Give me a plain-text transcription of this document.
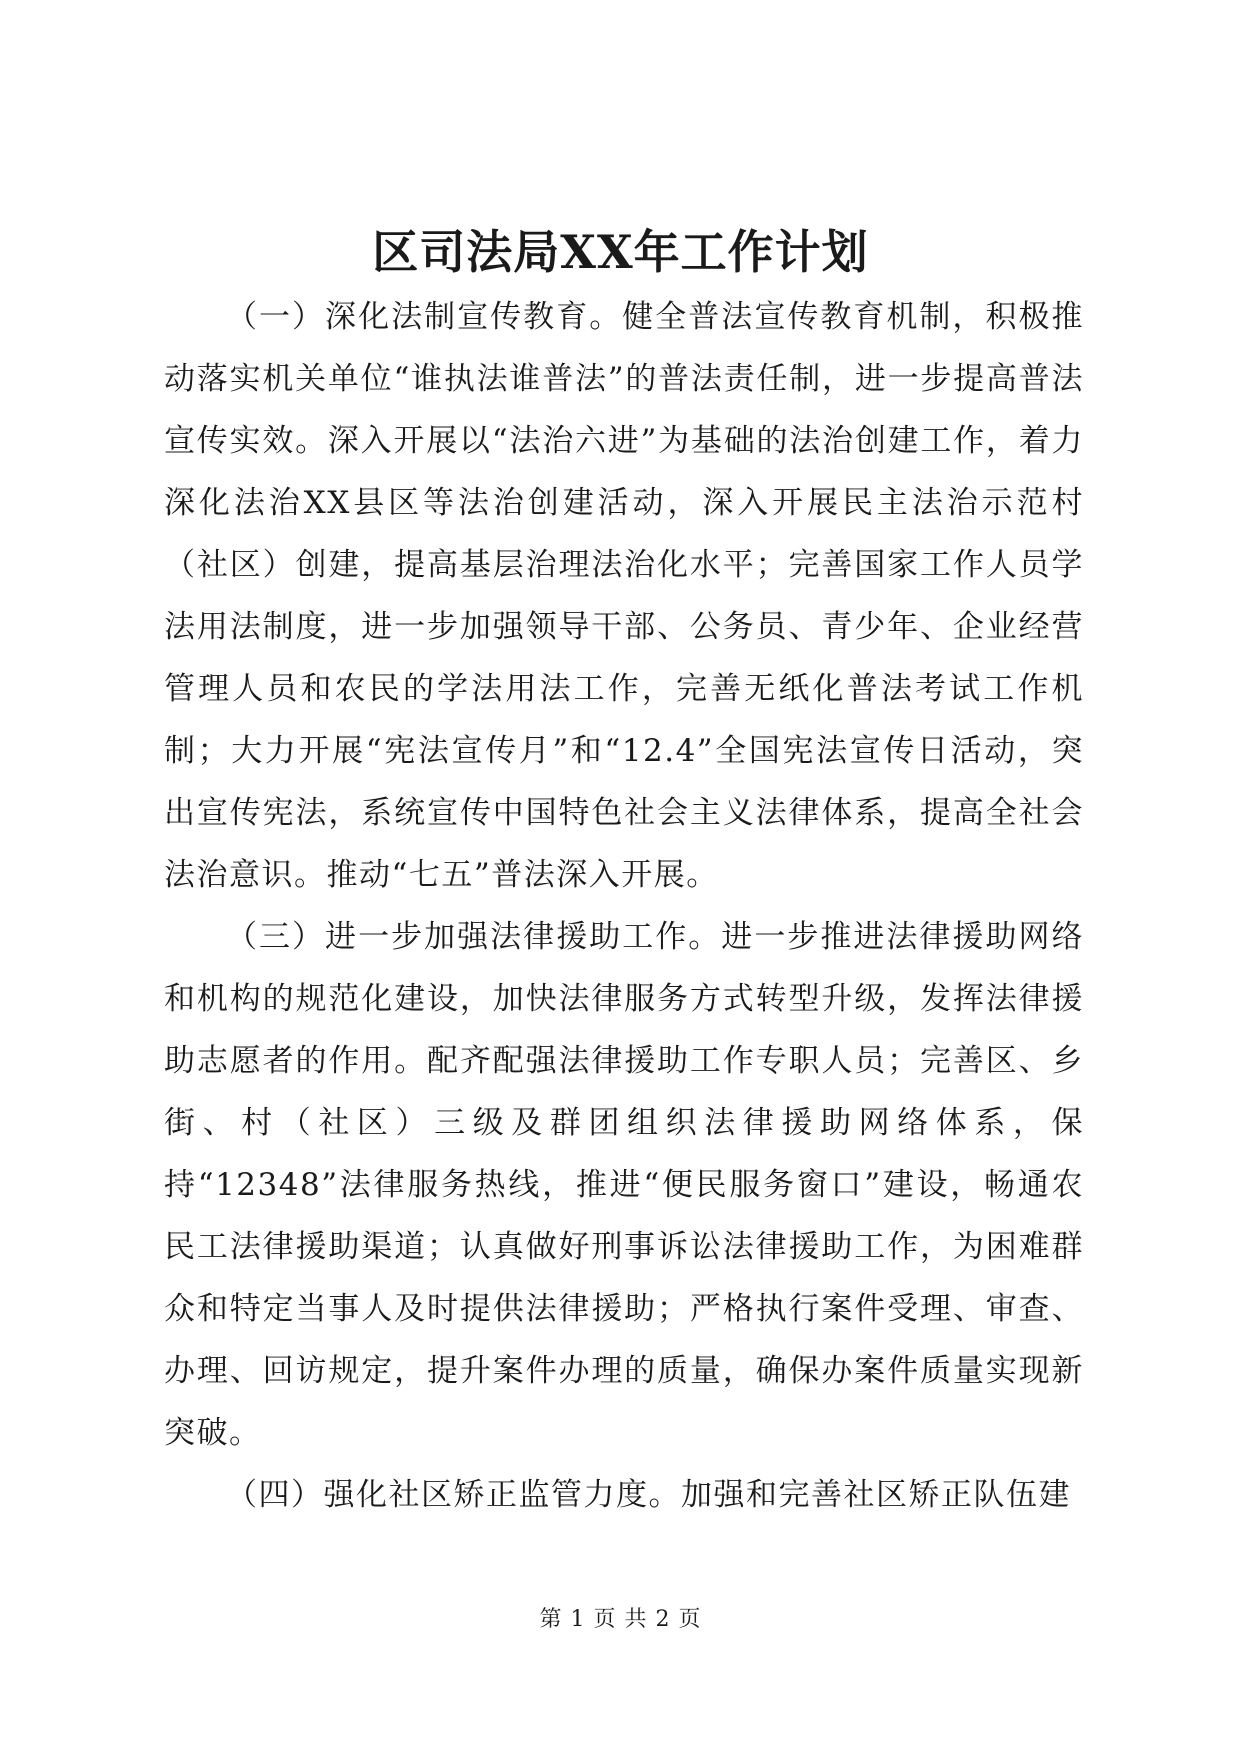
区司法局XX年工作计划

（一）深化法制宣传教育。健全普法宣传教育机制，积极推动落实机关单位“谁执法谁普法”的普法责任制，进一步提高普法宣传实效。深入开展以“法治六进”为基础的法治创建工作，着力深化法治XX县区等法治创建活动，深入开展民主法治示范村（社区）创建，提高基层治理法治化水平；完善国家工作人员学法用法制度，进一步加强领导干部、公务员、青少年、企业经营管理人员和农民的学法用法工作，完善无纸化普法考试工作机制；大力开展“宪法宣传月”和“12.4”全国宪法宣传日活动，突出宣传宪法，系统宣传中国特色社会主义法律体系，提高全社会法治意识。推动“七五”普法深入开展。

（三）进一步加强法律援助工作。进一步推进法律援助网络和机构的规范化建设，加快法律服务方式转型升级，发挥法律援助志愿者的作用。配齐配强法律援助工作专职人员；完善区、乡街、村（社区）三级及群团组织法律援助网络体系，保持“12348”法律服务热线，推进“便民服务窗口”建设，畅通农民工法律援助渠道；认真做好刑事诉讼法律援助工作，为困难群众和特定当事人及时提供法律援助；严格执行案件受理、审查、办理、回访规定，提升案件办理的质量，确保办案件质量实现新突破。

（四）强化社区矫正监管力度。加强和完善社区矫正队伍建

第 1 页 共 2 页
